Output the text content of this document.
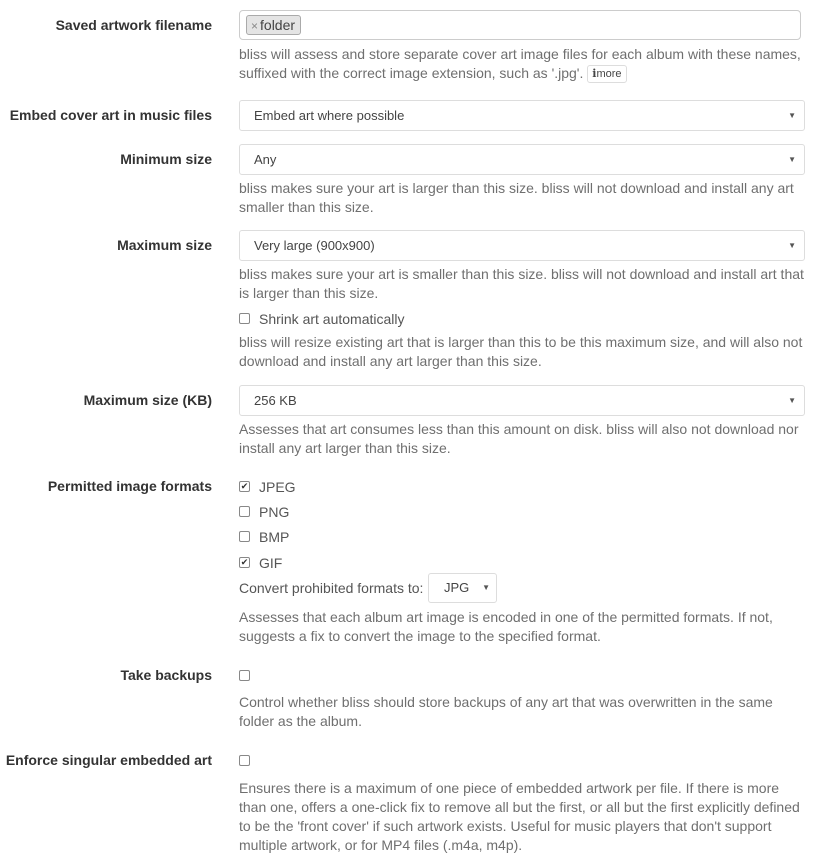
Saved artwork filename	× folder
bliss will assess and store separate cover art image files for each album with these names, suffixed with the correct image extension, such as '.jpg'. imore
Embed cover art in music files	Embed art where possible	▼
Minimum size	Any	▼
bliss makes sure your art is larger than this size. bliss will not download and install any art smaller than this size.
Maximum size	Very large (900x900)	▼
bliss makes sure your art is smaller than this size. bliss will not download and install art that is larger than this size.
Shrink art automatically
bliss will resize existing art that is larger than this to be this maximum size, and will also not download and install any art larger than this size.
Maximum size (KB)	256 KB	▼
Assesses that art consumes less than this amount on disk. bliss will also not download nor install any art larger than this size.
Permitted image formats
✔	JPEG
PNG
BMP
✔GIF
Convert prohibited formats to:	JPG ▼
Assesses that each album art image is encoded in one of the permitted formats. If not, suggests a fix to convert the image to the specified format.
Take backups
Control whether bliss should store backups of any art that was overwritten in the same folder as the album.
Enforce singular embedded art
Ensures there is a maximum of one piece of embedded artwork per file. If there is more than one, offers a one-click fix to remove all but the first, or all but the first explicitly defined to be the 'front cover' if such artwork exists. Useful for music players that don't support multiple artwork, or for MP4 files (.m4a, m4p).
